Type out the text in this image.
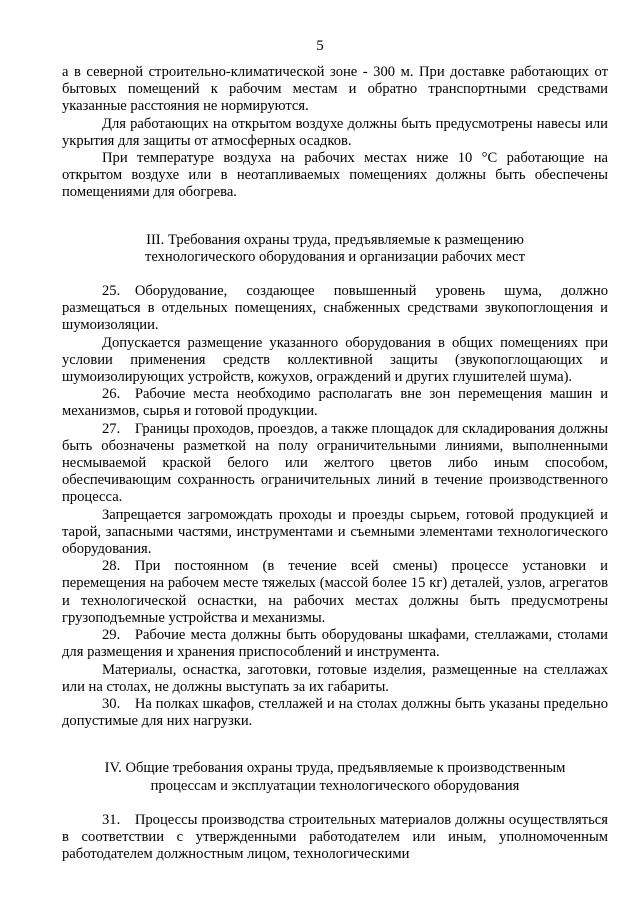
5

а в северной строительно-климатической зоне - 300 м. При доставке работающих от бытовых помещений к рабочим местам и обратно транспортными средствами указанные расстояния не нормируются.

Для работающих на открытом воздухе должны быть предусмотрены навесы или укрытия для защиты от атмосферных осадков.

При температуре воздуха на рабочих местах ниже 10 °С работающие на открытом воздухе или в неотапливаемых помещениях должны быть обеспечены помещениями для обогрева.

III. Требования охраны труда, предъявляемые к размещению

технологического оборудования и организации рабочих мест

25. Оборудование, создающее повышенный уровень шума, должно размещаться в отдельных помещениях, снабженных средствами звукопоглощения и шумоизоляции.

Допускается размещение указанного оборудования в общих помещениях при условии применения средств коллективной защиты (звукопоглощающих и шумоизолирующих устройств, кожухов, ограждений и других глушителей шума).

26. Рабочие места необходимо располагать вне зон перемещения машин и механизмов, сырья и готовой продукции.

27. Границы проходов, проездов, а также площадок для складирования должны быть обозначены разметкой на полу ограничительными линиями, выполненными несмываемой краской белого или желтого цветов либо иным способом, обеспечивающим сохранность ограничительных линий в течение производственного процесса.

Запрещается загромождать проходы и проезды сырьем, готовой продукцией и тарой, запасными частями, инструментами и съемными элементами технологического оборудования.

28. При постоянном (в течение всей смены) процессе установки и перемещения на рабочем месте тяжелых (массой более 15 кг) деталей, узлов, агрегатов и технологической оснастки, на рабочих местах должны быть предусмотрены грузоподъемные устройства и механизмы.

29. Рабочие места должны быть оборудованы шкафами, стеллажами, столами для размещения и хранения приспособлений и инструмента.

Материалы, оснастка, заготовки, готовые изделия, размещенные на стеллажах или на столах, не должны выступать за их габариты.

30. На полках шкафов, стеллажей и на столах должны быть указаны предельно допустимые для них нагрузки.

IV. Общие требования охраны труда, предъявляемые к производственным

процессам и эксплуатации технологического оборудования

31. Процессы производства строительных материалов должны осуществляться в соответствии с утвержденными работодателем или иным, уполномоченным работодателем должностным лицом, технологическими
